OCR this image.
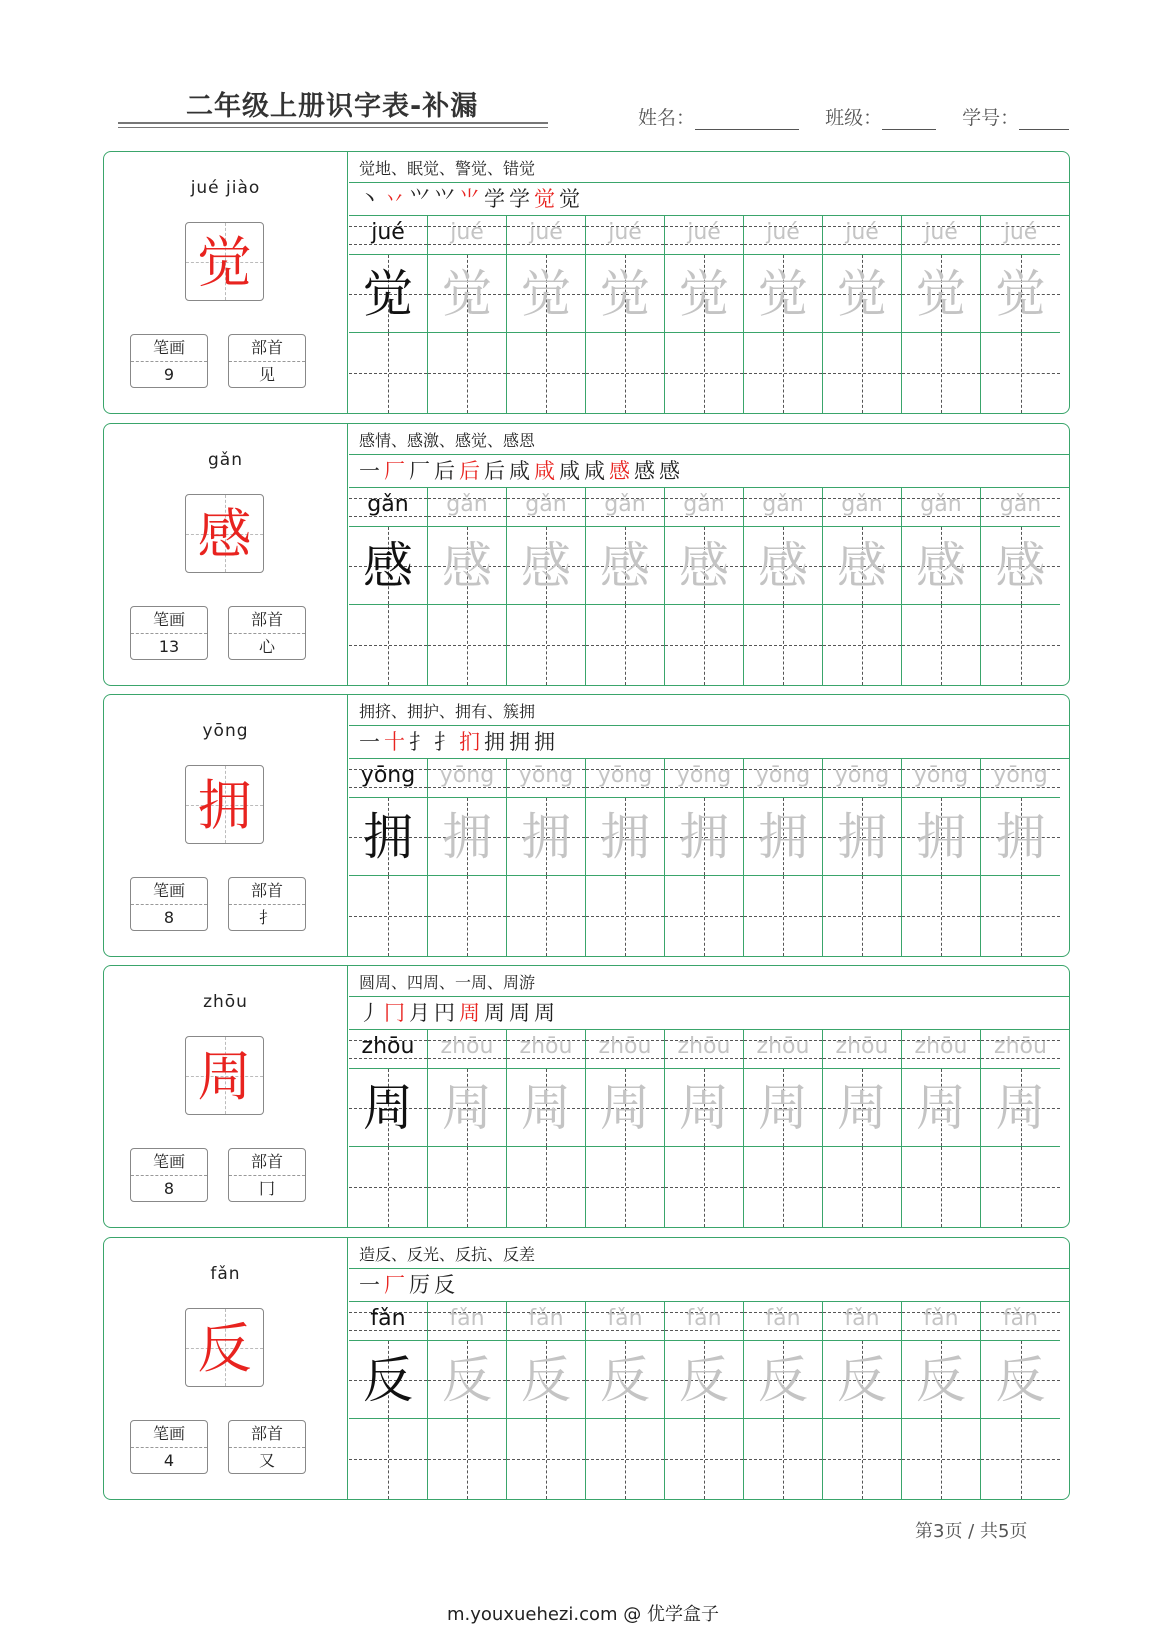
二年级上册识字表-补漏	姓名：	班级：	学号：
jué jiào
觉
笔画
9
部首
见
觉地、眠觉、警觉、错觉
丶丷⺍⺍⺌学学觉觉
jué
觉
jué
觉
jué
觉
jué
觉
jué
觉
jué
觉
jué
觉
jué
觉
jué
觉
gǎn
感
笔画
13
部首
心
感情、感激、感觉、感恩
一厂厂后后后咸咸咸咸感感感
gǎn
感
gǎn
感
gǎn
感
gǎn
感
gǎn
感
gǎn
感
gǎn
感
gǎn
感
gǎn
感
yōng
拥
笔画
8
部首
扌
拥挤、拥护、拥有、簇拥
一十扌扌扪拥拥拥
yōng
拥
yōng
拥
yōng
拥
yōng
拥
yōng
拥
yōng
拥
yōng
拥
yōng
拥
yōng
拥
zhōu
周
笔画
8
部首
冂
圆周、四周、一周、周游
丿冂月円周周周周
zhōu
周
zhōu
周
zhōu
周
zhōu
周
zhōu
周
zhōu
周
zhōu
周
zhōu
周
zhōu
周
fǎn
反
笔画
4
部首
又
造反、反光、反抗、反差
一厂厉反
fǎn
反
fǎn
反
fǎn
反
fǎn
反
fǎn
反
fǎn
反
fǎn
反
fǎn
反
fǎn
反
第3页 / 共5页
m.youxuehezi.com @ 优学盒子
